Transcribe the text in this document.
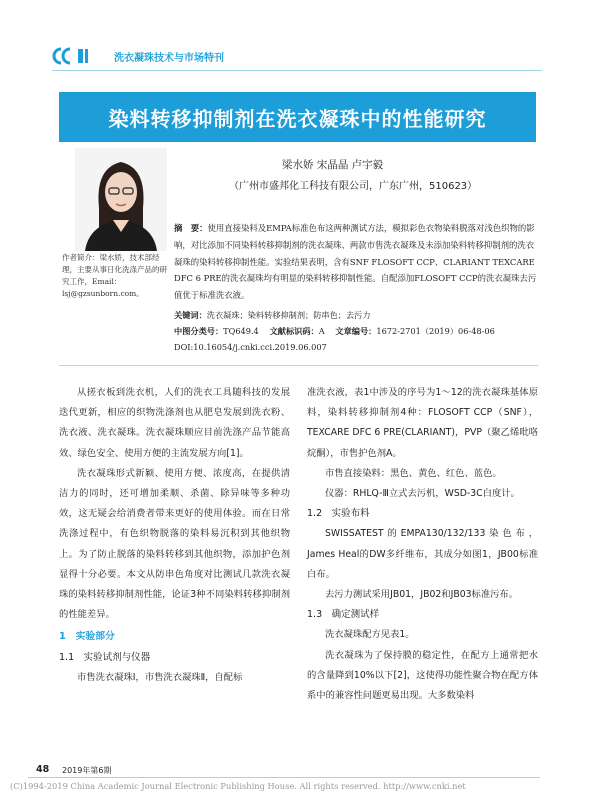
洗衣凝珠技术与市场特刊
染料转移抑制剂在洗衣凝珠中的性能研究
作者简介：梁水娇，技术部经理，主要从事日化洗涤产品的研究工作，Email：lsj@gzsunborn.com。
梁水娇 宋晶晶 卢宇毅
（广州市盛邦化工科技有限公司，广东广州，510623）
摘　要：使用直接染料及EMPA标准色布这两种测试方法，模拟彩色衣物染料脱落对浅色织物的影响，对比添加不同染料转移抑制剂的洗衣凝珠、两款市售洗衣凝珠及未添加染料转移抑制剂的洗衣凝珠的染料转移抑制性能。实验结果表明，含有SNF FLOSOFT CCP、CLARIANT TEXCARE DFC 6 PRE的洗衣凝珠均有明显的染料转移抑制性能。自配添加FLOSOFT CCP的洗衣凝珠去污值优于标准洗衣液。
关键词：洗衣凝珠；染料转移抑制剂；防串色；去污力
中图分类号：TQ649.4　 文献标识码：A　 文章编号：1672-2701（2019）06-48-06
DOI:10.16054/j.cnki.cci.2019.06.007

从搓衣板到洗衣机，人们的洗衣工具随科技的发展迭代更新，相应的织物洗涤剂也从肥皂发展到洗衣粉、洗衣液、洗衣凝珠。洗衣凝珠顺应目前洗涤产品节能高效、绿色安全、使用方便的主流发展方向[1]。

洗衣凝珠形式新颖、使用方便、浓度高，在提供清洁力的同时，还可增加柔顺、杀菌、除异味等多种功效，这无疑会给消费者带来更好的使用体验。而在日常洗涤过程中，有色织物脱落的染料易沉积到其他织物上。为了防止脱落的染料转移到其他织物，添加护色剂显得十分必要。本文从防串色角度对比测试几款洗衣凝珠的染料转移抑制剂性能，论证3种不同染料转移抑制剂的性能差异。

1　实验部分
1.1　实验试剂与仪器

市售洗衣凝珠Ⅰ，市售洗衣凝珠Ⅱ，自配标

准洗衣液，表1中涉及的序号为1～12的洗衣凝珠基体原料，染料转移抑制剂4种：FLOSOFT CCP（SNF），TEXCARE DFC 6 PRE(CLARIANT)，PVP（聚乙烯吡咯烷酮），市售护色剂A。

市售直接染料：黑色、黄色、红色、蓝色。

仪器：RHLQ-Ⅲ立式去污机，WSD-3C白度计。

1.2　实验布料

SWISSATEST的EMPA130/132/133染色布，James Heal的DW多纤维布，其成分如图1，JB00标准白布。

去污力测试采用JB01，JB02和JB03标准污布。

1.3　确定测试样

洗衣凝珠配方见表1。

洗衣凝珠为了保持膜的稳定性，在配方上通常把水的含量降到10%以下[2]，这使得功能性聚合物在配方体系中的兼容性问题更易出现。大多数染料

48 2019年第6期
(C)1994-2019 China Academic Journal Electronic Publishing House. All rights reserved. http://www.cnki.net
